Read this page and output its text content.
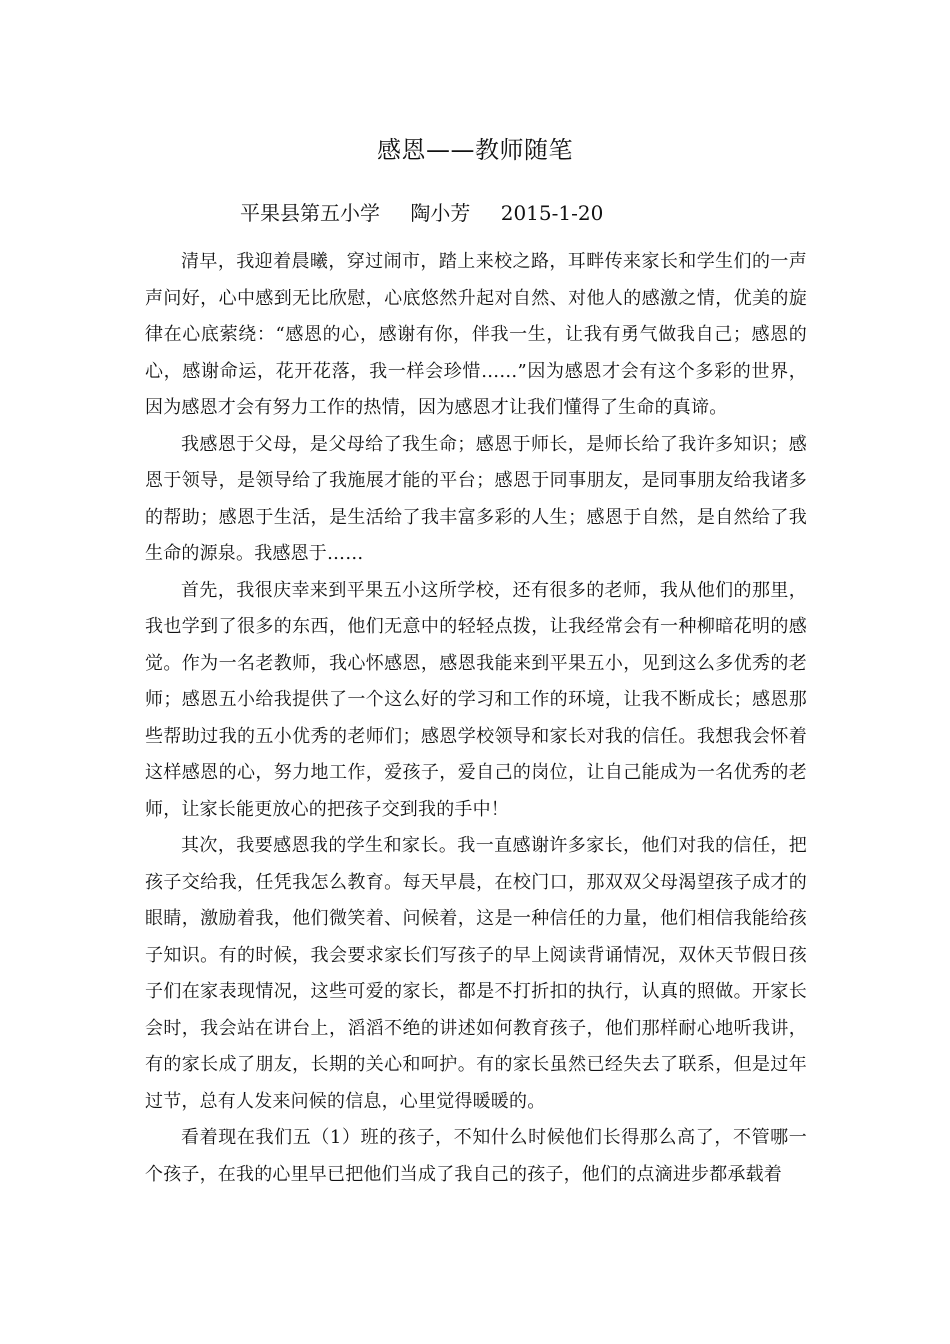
感恩——教师随笔
平果县第五小学 陶小芳 2015-1-20

清早，我迎着晨曦，穿过闹市，踏上来校之路，耳畔传来家长和学生们的一声声问好，心中感到无比欣慰，心底悠然升起对自然、对他人的感激之情，优美的旋律在心底萦绕：“感恩的心，感谢有你，伴我一生，让我有勇气做我自己；感恩的心，感谢命运，花开花落，我一样会珍惜……”因为感恩才会有这个多彩的世界，因为感恩才会有努力工作的热情，因为感恩才让我们懂得了生命的真谛。

我感恩于父母，是父母给了我生命；感恩于师长，是师长给了我许多知识；感恩于领导，是领导给了我施展才能的平台；感恩于同事朋友，是同事朋友给我诸多的帮助；感恩于生活，是生活给了我丰富多彩的人生；感恩于自然，是自然给了我生命的源泉。我感恩于……

首先，我很庆幸来到平果五小这所学校，还有很多的老师，我从他们的那里，我也学到了很多的东西，他们无意中的轻轻点拨，让我经常会有一种柳暗花明的感觉。作为一名老教师，我心怀感恩，感恩我能来到平果五小，见到这么多优秀的老师；感恩五小给我提供了一个这么好的学习和工作的环境，让我不断成长；感恩那些帮助过我的五小优秀的老师们；感恩学校领导和家长对我的信任。我想我会怀着这样感恩的心，努力地工作，爱孩子，爱自己的岗位，让自己能成为一名优秀的老师，让家长能更放心的把孩子交到我的手中！

其次，我要感恩我的学生和家长。我一直感谢许多家长，他们对我的信任，把孩子交给我，任凭我怎么教育。每天早晨，在校门口，那双双父母渴望孩子成才的眼睛，激励着我，他们微笑着、问候着，这是一种信任的力量，他们相信我能给孩子知识。有的时候，我会要求家长们写孩子的早上阅读背诵情况，双休天节假日孩子们在家表现情况，这些可爱的家长，都是不打折扣的执行，认真的照做。开家长会时，我会站在讲台上，滔滔不绝的讲述如何教育孩子，他们那样耐心地听我讲，有的家长成了朋友，长期的关心和呵护。有的家长虽然已经失去了联系，但是过年过节，总有人发来问候的信息，心里觉得暖暖的。

看着现在我们五（1）班的孩子，不知什么时候他们长得那么高了，不管哪一个孩子，在我的心里早已把他们当成了我自己的孩子，他们的点滴进步都承载着
